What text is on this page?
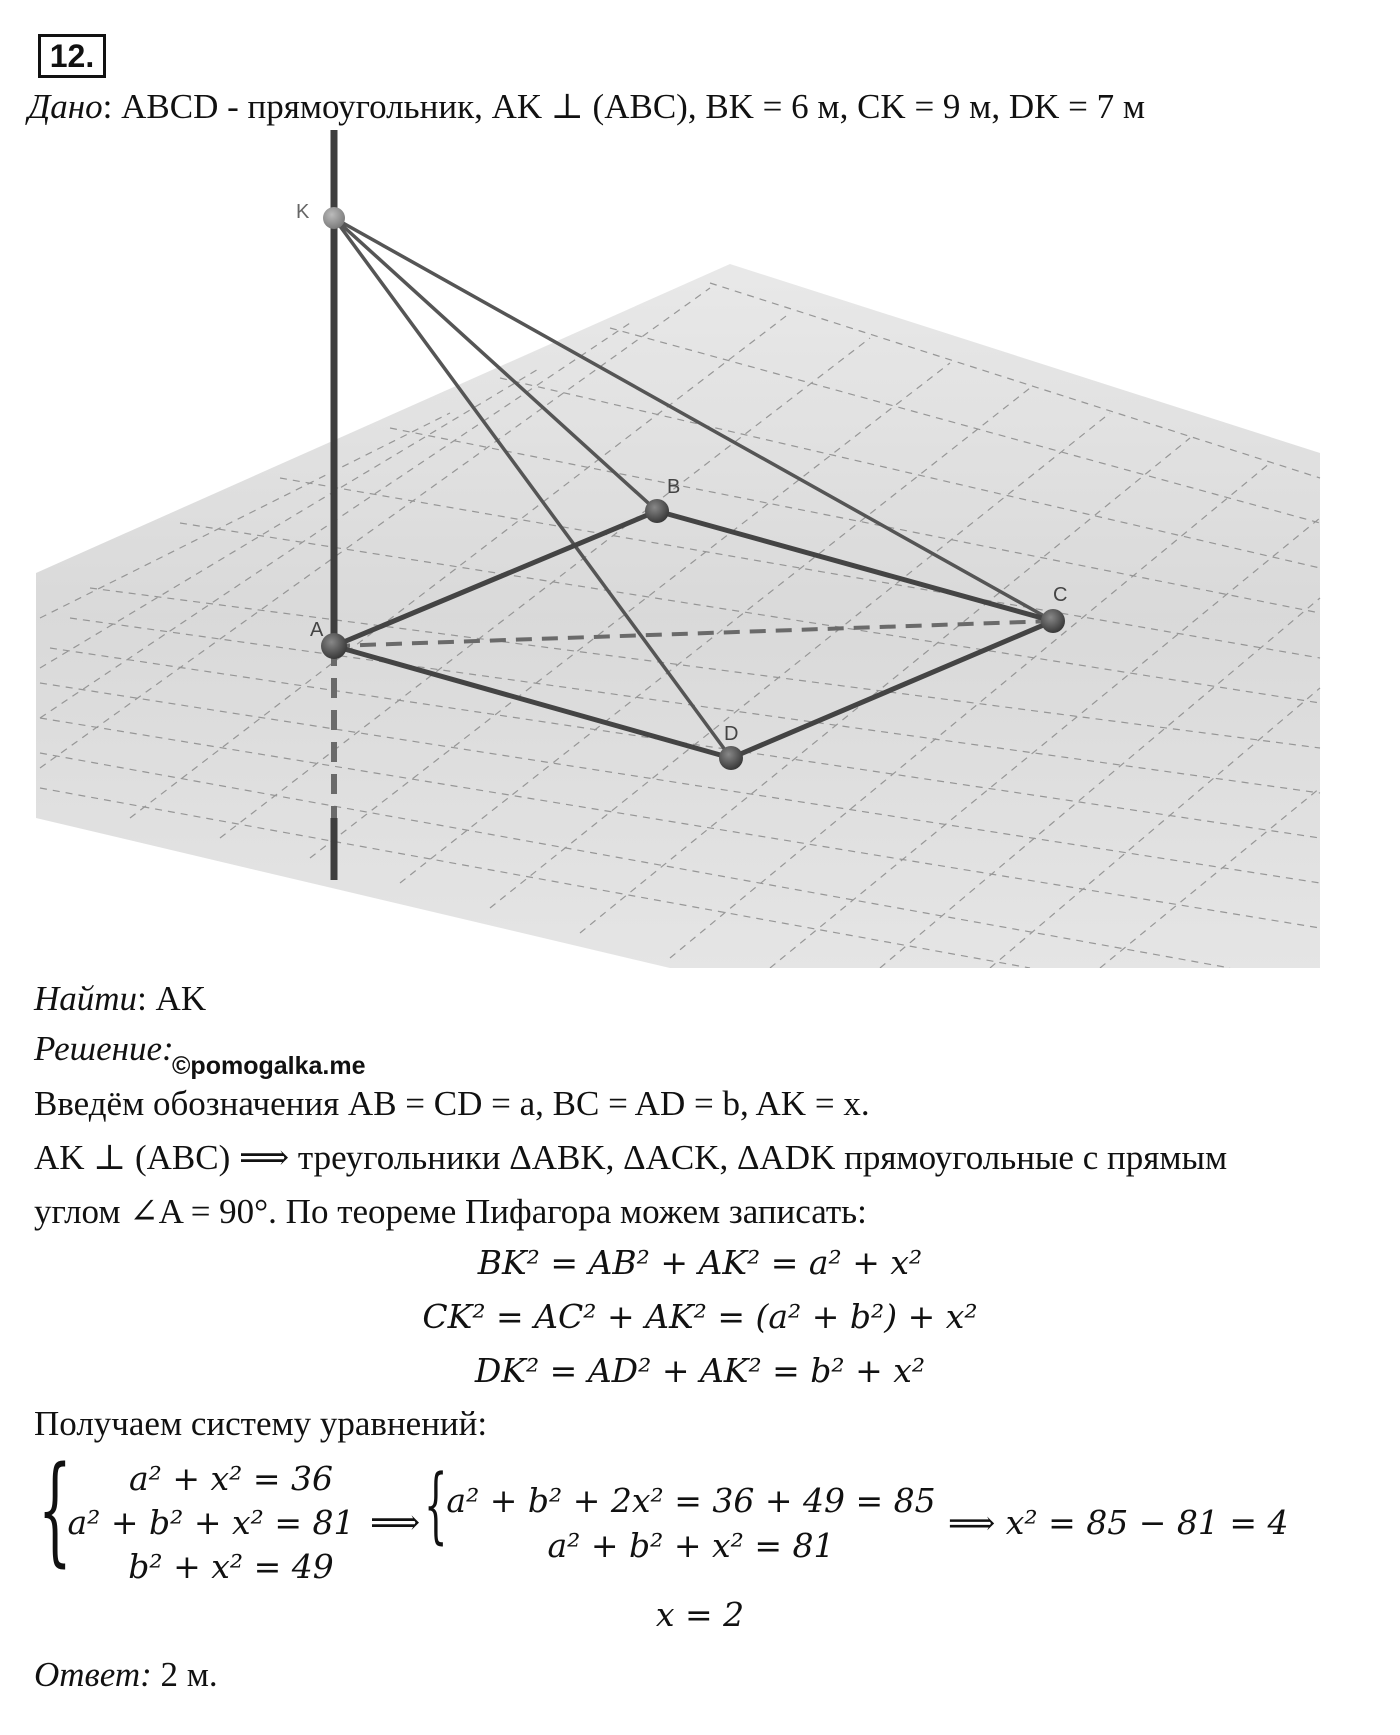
12.
Дано: ABCD - прямоугольник, AK ⊥ (ABC), BK = 6 м, CK = 9 м, DK = 7 м
K
A
B
C
D
Найти: AK
Решение:
©pomogalka.me
Введём обозначения AB = CD = a, BC = AD = b, AK = x.
AK ⊥ (ABC) ⟹ треугольники ΔABK, ΔACK, ΔADK прямоугольные с прямым
углом ∠A = 90°. По теореме Пифагора можем записать:
BK² = AB² + AK² = a² + x²
CK² = AC² + AK² = (a² + b²) + x²
DK² = AD² + AK² = b² + x²
Получаем систему уравнений:
{	a² + x² = 36
a² + b² + x² = 81
b² + x² = 49
⟹ {
a² + b² + 2x² = 36 + 49 = 85
a² + b² + x² = 81
⟹ x² = 85 − 81 = 4
x = 2
Ответ: 2 м.
